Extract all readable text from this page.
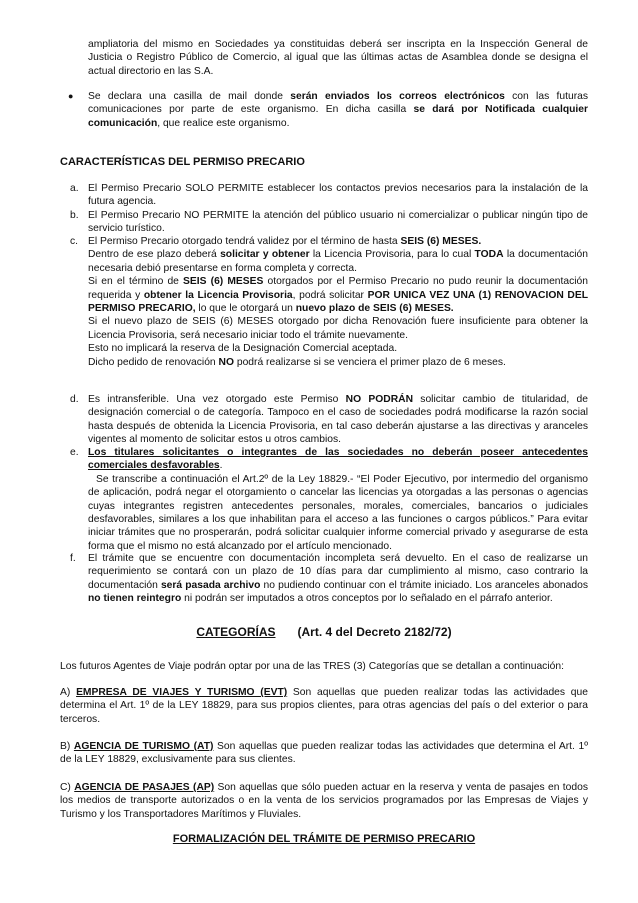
ampliatoria del mismo en Sociedades ya constituidas deberá ser inscripta en la Inspección General de Justicia o Registro Público de Comercio, al igual que las últimas actas de Asamblea donde se designa el actual directorio en las S.A.

● Se declara una casilla de mail donde serán enviados los correos electrónicos con las futuras comunicaciones por parte de este organismo. En dicha casilla se dará por Notificada cualquier comunicación, que realice este organismo.

CARACTERÍSTICAS DEL PERMISO PRECARIO

a. El Permiso Precario SOLO PERMITE establecer los contactos previos necesarios para la instalación de la futura agencia.

b. El Permiso Precario NO PERMITE la atención del público usuario ni comercializar o publicar ningún tipo de servicio turístico.

c. El Permiso Precario otorgado tendrá validez por el término de hasta SEIS (6) MESES.

Dentro de ese plazo deberá solicitar y obtener la Licencia Provisoria, para lo cual TODA la documentación necesaria debió presentarse en forma completa y correcta.

Si en el término de SEIS (6) MESES otorgados por el Permiso Precario no pudo reunir la documentación requerida y obtener la Licencia Provisoria, podrá solicitar POR UNICA VEZ UNA (1) RENOVACION DEL PERMISO PRECARIO, lo que le otorgará un nuevo plazo de SEIS (6) MESES.

Si el nuevo plazo de SEIS (6) MESES otorgado por dicha Renovación fuere insuficiente para obtener la Licencia Provisoria, será necesario iniciar todo el trámite nuevamente.

Esto no implicará la reserva de la Designación Comercial aceptada.

Dicho pedido de renovación NO podrá realizarse si se venciera el primer plazo de 6 meses.

d. Es intransferible. Una vez otorgado este Permiso NO PODRÁN solicitar cambio de titularidad, de designación comercial o de categoría. Tampoco en el caso de sociedades podrá modificarse la razón social hasta después de obtenida la Licencia Provisoria, en tal caso deberán ajustarse a las directivas y aranceles vigentes al momento de solicitar estos u otros cambios.

e. Los titulares solicitantes o integrantes de las sociedades no deberán poseer antecedentes comerciales desfavorables.

Se transcribe a continuación el Art.2º de la Ley 18829.- “El Poder Ejecutivo, por intermedio del organismo de aplicación, podrá negar el otorgamiento o cancelar las licencias ya otorgadas a las personas o agencias cuyas integrantes registren antecedentes personales, morales, comerciales, bancarios o judiciales desfavorables, similares a los que inhabilitan para el acceso a las funciones o cargos públicos.” Para evitar iniciar trámites que no prosperarán, podrá solicitar cualquier informe comercial privado y asegurarse de esta forma que el mismo no está alcanzado por el artículo mencionado.

f. El trámite que se encuentre con documentación incompleta será devuelto. En el caso de realizarse un requerimiento se contará con un plazo de 10 días para dar cumplimiento al mismo, caso contrario la documentación será pasada archivo no pudiendo continuar con el trámite iniciado. Los aranceles abonados no tienen reintegro ni podrán ser imputados a otros conceptos por lo señalado en el párrafo anterior.

CATEGORÍAS (Art. 4 del Decreto 2182/72)

Los futuros Agentes de Viaje podrán optar por una de las TRES (3) Categorías que se detallan a continuación:

A) EMPRESA DE VIAJES Y TURISMO (EVT) Son aquellas que pueden realizar todas las actividades que determina el Art. 1º de la LEY 18829, para sus propios clientes, para otras agencias del país o del exterior o para terceros.

B) AGENCIA DE TURISMO (AT) Son aquellas que pueden realizar todas las actividades que determina el Art. 1º de la LEY 18829, exclusivamente para sus clientes.

C) AGENCIA DE PASAJES (AP) Son aquellas que sólo pueden actuar en la reserva y venta de pasajes en todos los medios de transporte autorizados o en la venta de los servicios programados por las Empresas de Viajes y Turismo y los Transportadores Marítimos y Fluviales.

FORMALIZACIÓN DEL TRÁMITE DE PERMISO PRECARIO
